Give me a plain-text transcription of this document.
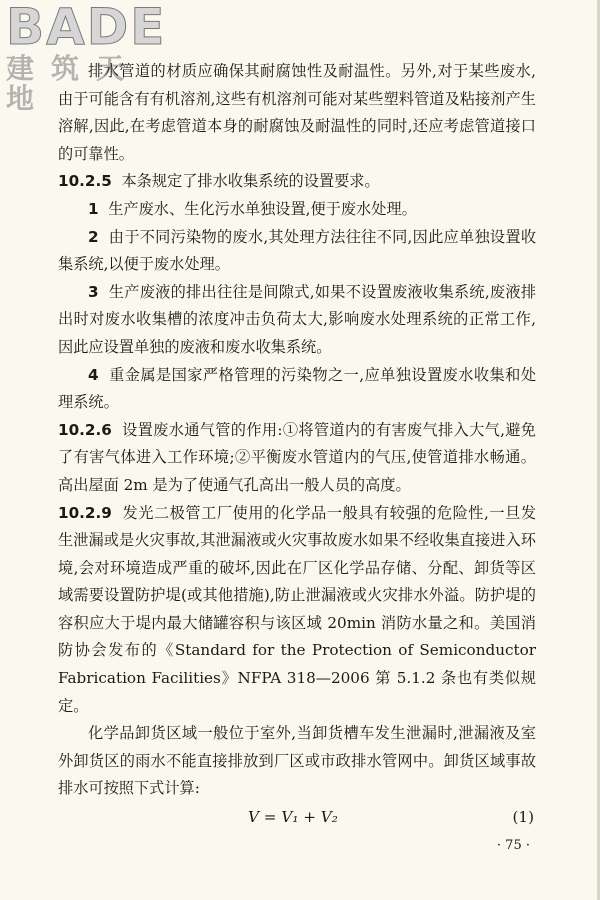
BADE
建筑天地

排水管道的材质应确保其耐腐蚀性及耐温性。另外,对于某些废水,由于可能含有有机溶剂,这些有机溶剂可能对某些塑料管道及粘接剂产生溶解,因此,在考虑管道本身的耐腐蚀及耐温性的同时,还应考虑管道接口的可靠性。

10.2.5 本条规定了排水收集系统的设置要求。

1 生产废水、生化污水单独设置,便于废水处理。

2 由于不同污染物的废水,其处理方法往往不同,因此应单独设置收集系统,以便于废水处理。

3 生产废液的排出往往是间隙式,如果不设置废液收集系统,废液排出时对废水收集槽的浓度冲击负荷太大,影响废水处理系统的正常工作,因此应设置单独的废液和废水收集系统。

4 重金属是国家严格管理的污染物之一,应单独设置废水收集和处理系统。

10.2.6 设置废水通气管的作用:①将管道内的有害废气排入大气,避免了有害气体进入工作环境;②平衡废水管道内的气压,使管道排水畅通。高出屋面 2m 是为了使通气孔高出一般人员的高度。

10.2.9 发光二极管工厂使用的化学品一般具有较强的危险性,一旦发生泄漏或是火灾事故,其泄漏液或火灾事故废水如果不经收集直接进入环境,会对环境造成严重的破坏,因此在厂区化学品存储、分配、卸货等区域需要设置防护堤(或其他措施),防止泄漏液或火灾排水外溢。防护堤的容积应大于堤内最大储罐容积与该区域 20min 消防水量之和。美国消防协会发布的《Standard for the Protection of Semiconductor Fabrication Facilities》NFPA 318—2006 第 5.1.2 条也有类似规定。

化学品卸货区域一般位于室外,当卸货槽车发生泄漏时,泄漏液及室外卸货区的雨水不能直接排放到厂区或市政排水管网中。卸货区域事故排水可按照下式计算:

V = V₁ + V₂	(1)
· 75 ·
